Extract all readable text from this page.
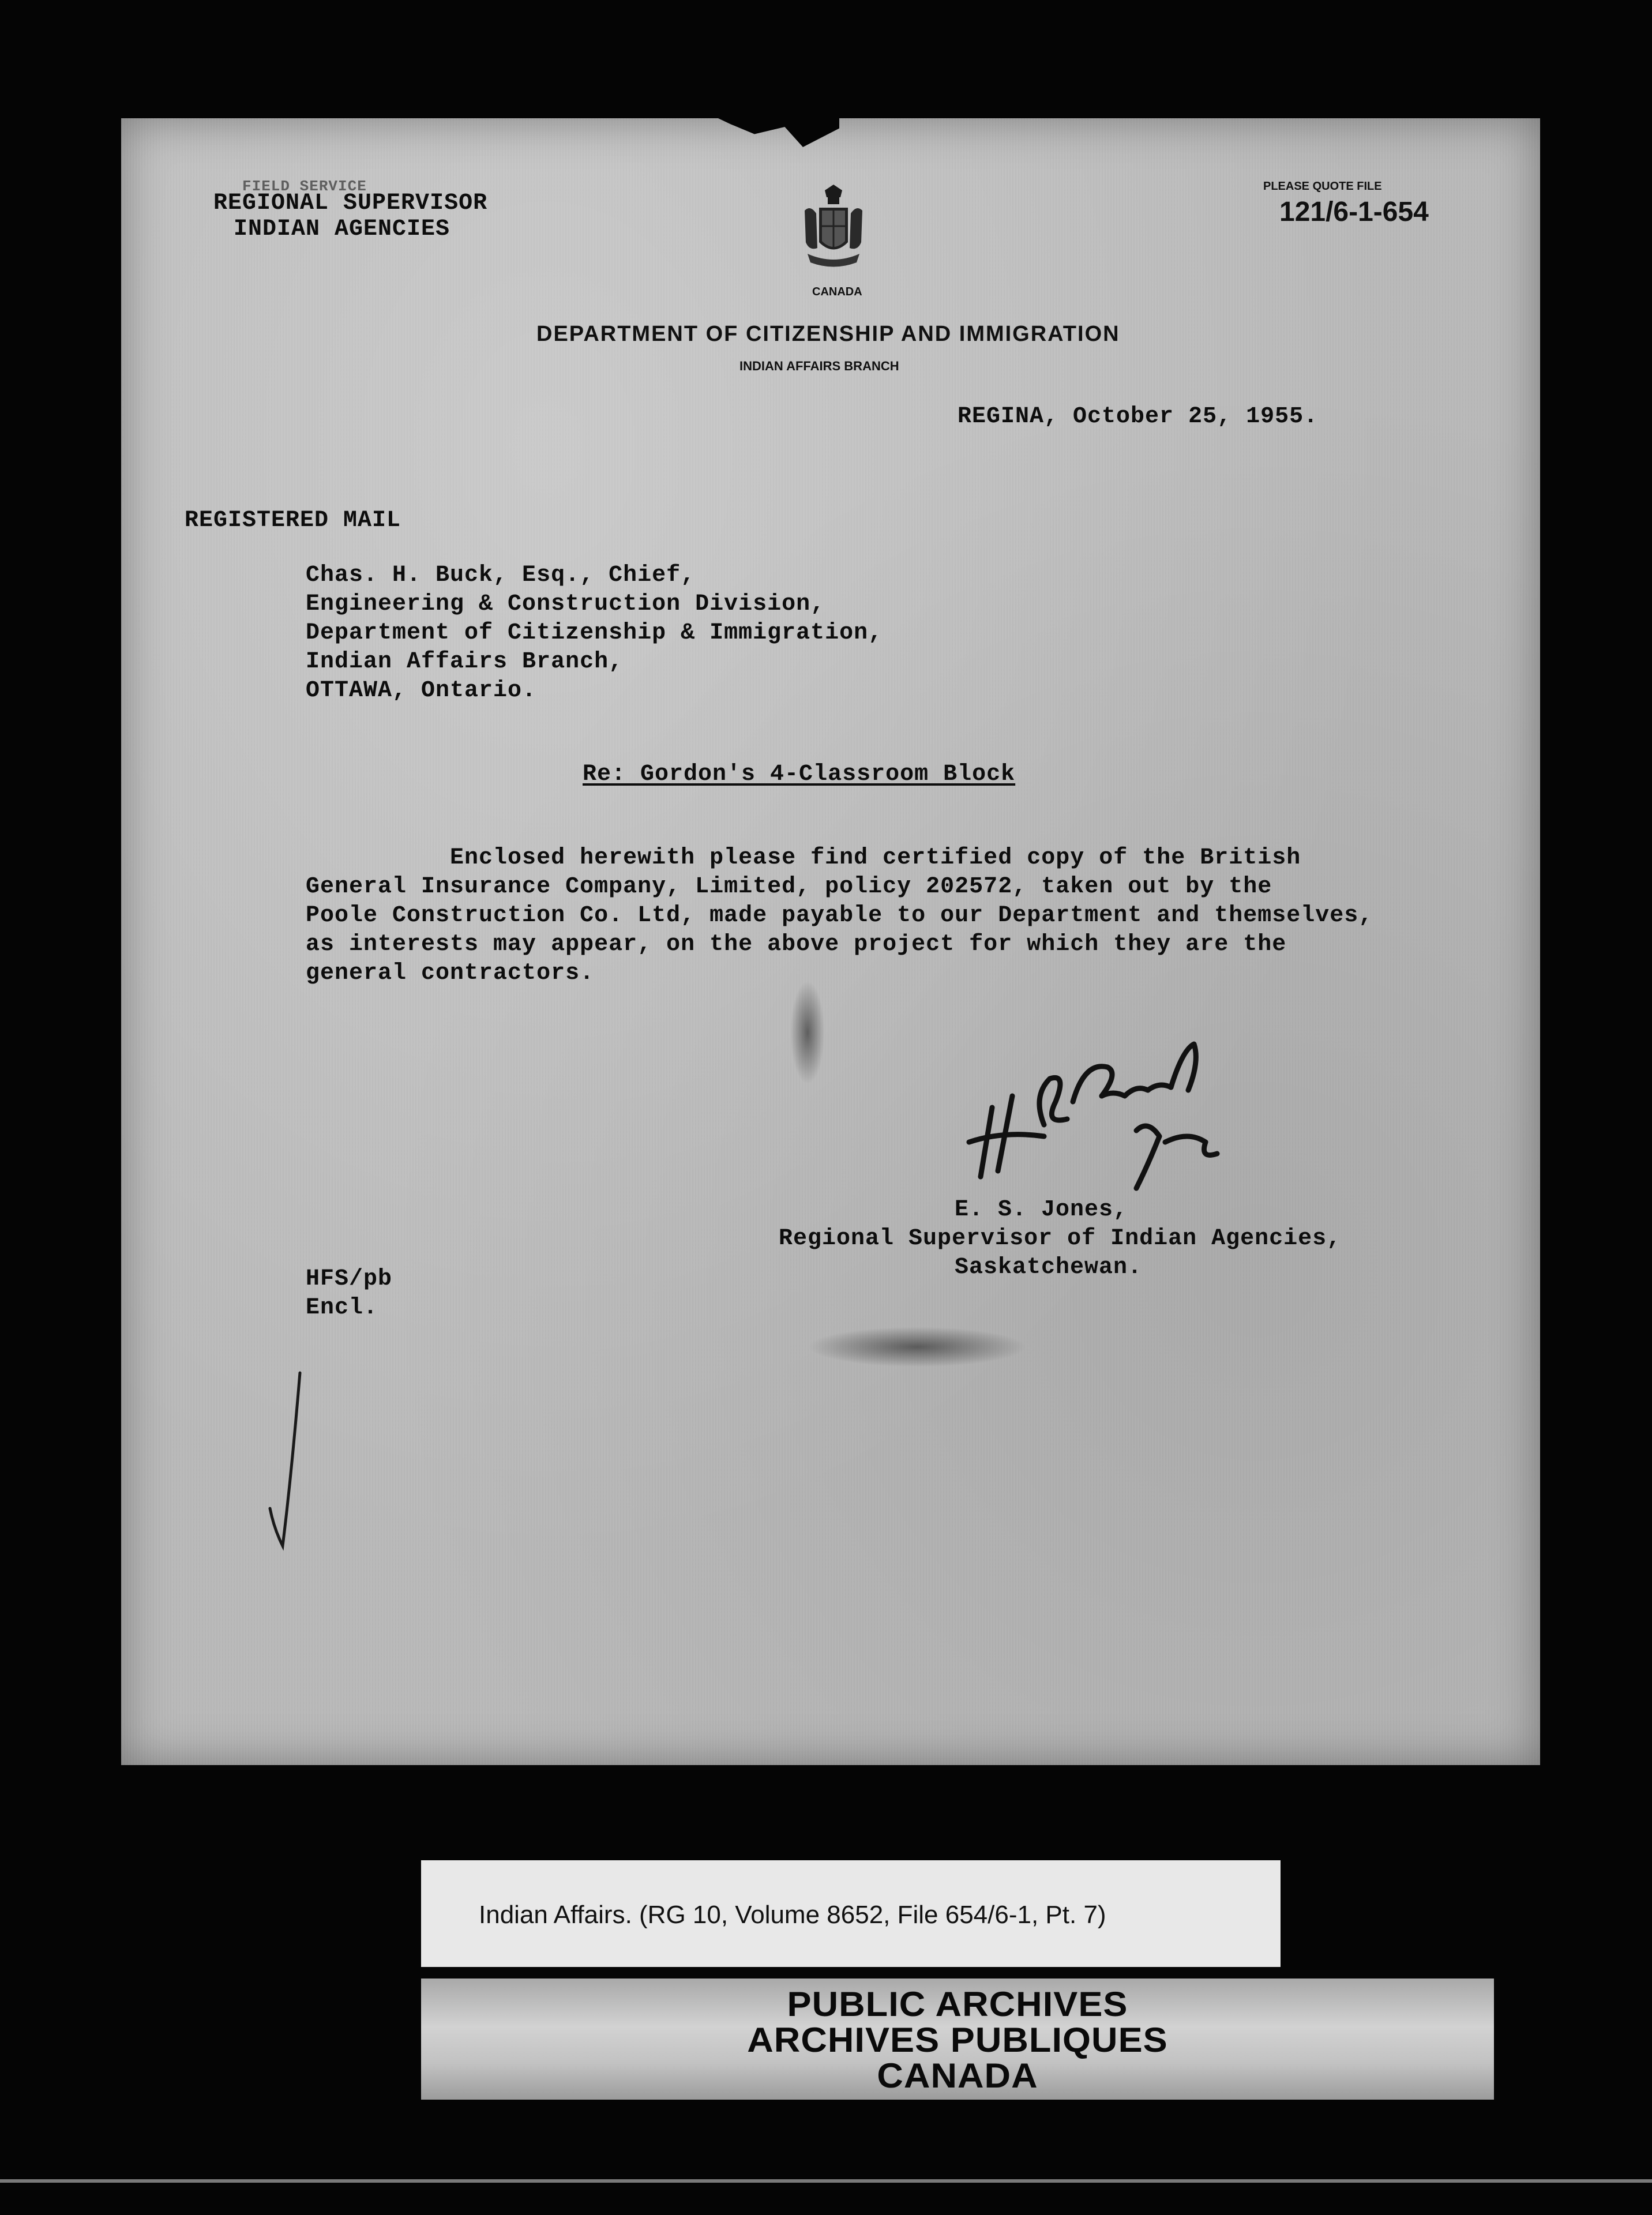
FIELD SERVICE
REGIONAL SUPERVISOR
INDIAN AGENCIES
CANADA
DEPARTMENT OF CITIZENSHIP AND IMMIGRATION
INDIAN AFFAIRS BRANCH
PLEASE QUOTE FILE
121/6-1-654
REGINA, October 25, 1955.
REGISTERED MAIL
Chas. H. Buck, Esq., Chief,
Engineering & Construction Division,
Department of Citizenship & Immigration,
Indian Affairs Branch,
OTTAWA, Ontario.
Re: Gordon's 4-Classroom Block
Enclosed herewith please find certified copy of the British
General Insurance Company, Limited, policy 202572, taken out by the
Poole Construction Co. Ltd, made payable to our Department and themselves,
as interests may appear, on the above project for which they are the
general contractors.
E. S. Jones,
Regional Supervisor of Indian Agencies,
Saskatchewan.
HFS/pb
Encl.
Indian Affairs. (RG 10, Volume 8652, File 654/6-1, Pt. 7)
PUBLIC ARCHIVES
ARCHIVES PUBLIQUES
CANADA
